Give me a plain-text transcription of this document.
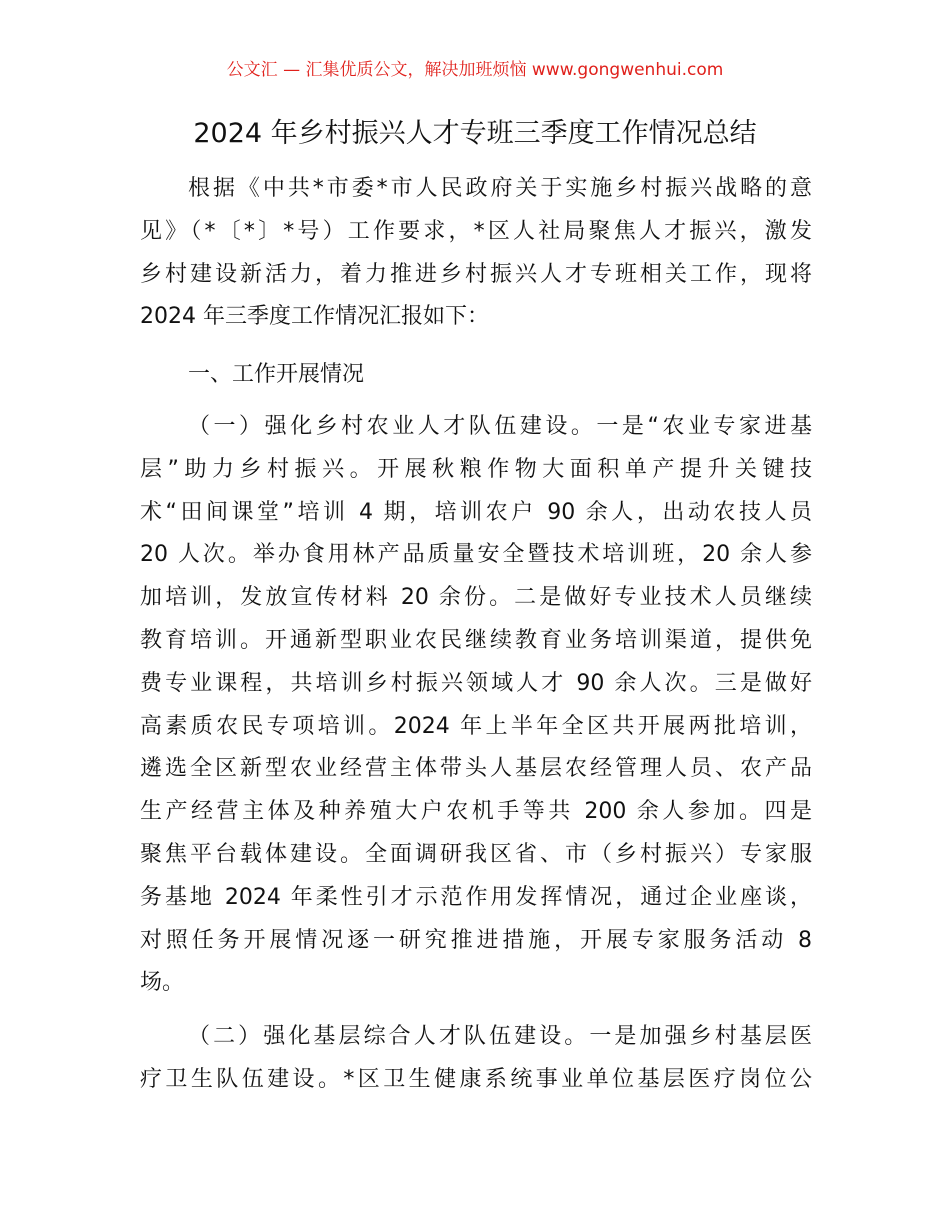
公文汇 — 汇集优质公文，解决加班烦恼 www.gongwenhui.com
2024 年乡村振兴人才专班三季度工作情况总结
根据《中共*市委*市人民政府关于实施乡村振兴战略的意
见》（*〔*〕*号）工作要求，*区人社局聚焦人才振兴，激发
乡村建设新活力，着力推进乡村振兴人才专班相关工作，现将
2024 年三季度工作情况汇报如下：
一、工作开展情况
（一）强化乡村农业人才队伍建设。一是“农业专家进基
层”助力乡村振兴。开展秋粮作物大面积单产提升关键技
术“田间课堂”培训 4 期，培训农户 90 余人，出动农技人员
20 人次。举办食用林产品质量安全暨技术培训班，20 余人参
加培训，发放宣传材料 20 余份。二是做好专业技术人员继续
教育培训。开通新型职业农民继续教育业务培训渠道，提供免
费专业课程，共培训乡村振兴领域人才 90 余人次。三是做好
高素质农民专项培训。2024 年上半年全区共开展两批培训，
遴选全区新型农业经营主体带头人基层农经管理人员、农产品
生产经营主体及种养殖大户农机手等共 200 余人参加。四是
聚焦平台载体建设。全面调研我区省、市（乡村振兴）专家服
务基地 2024 年柔性引才示范作用发挥情况，通过企业座谈，
对照任务开展情况逐一研究推进措施，开展专家服务活动 8
场。
（二）强化基层综合人才队伍建设。一是加强乡村基层医
疗卫生队伍建设。*区卫生健康系统事业单位基层医疗岗位公
